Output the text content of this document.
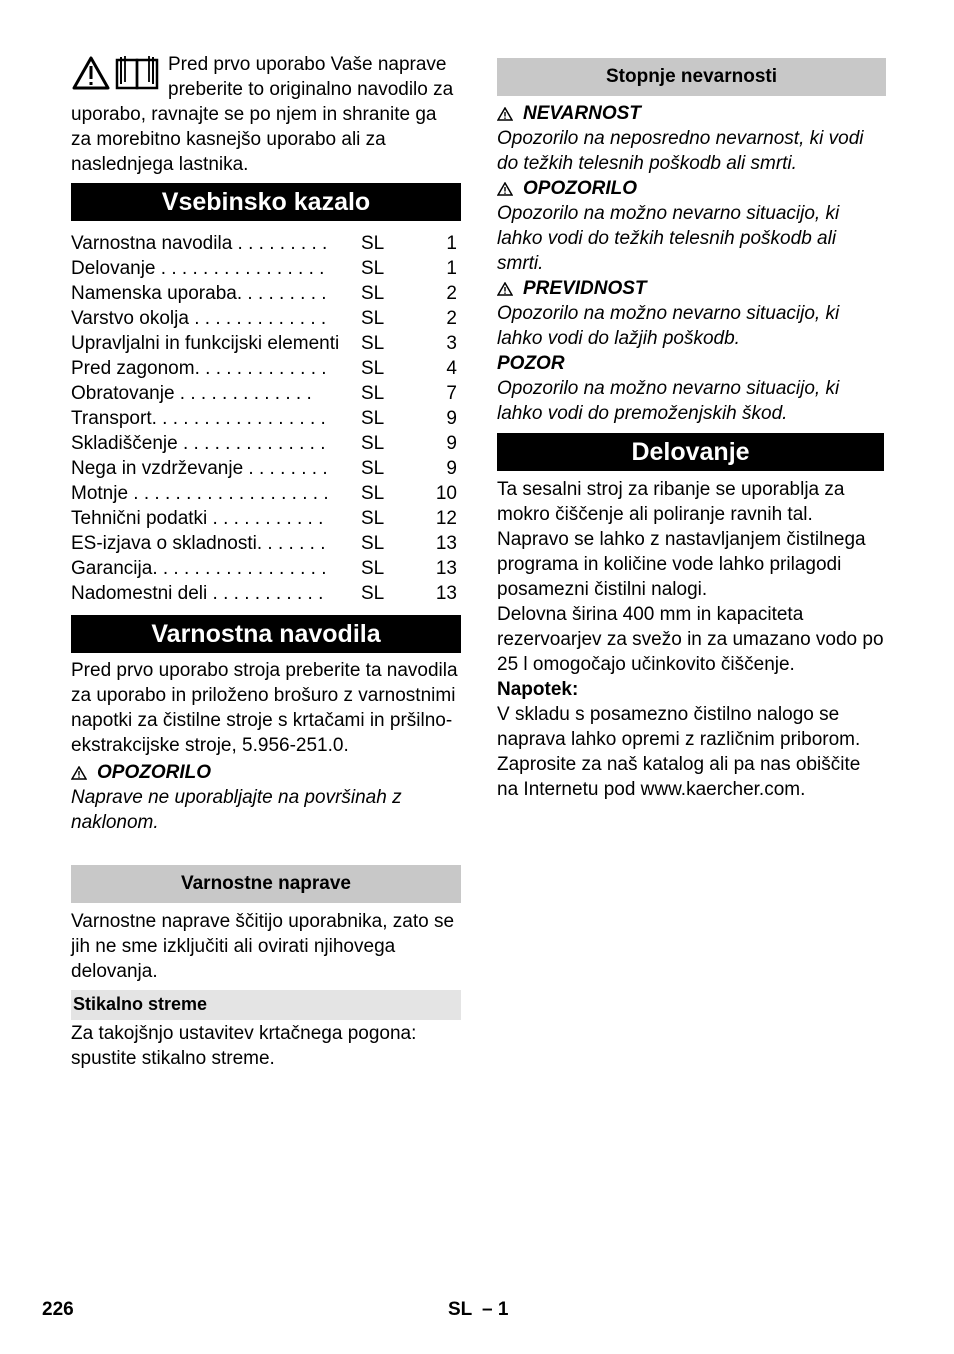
Pred prvo uporabo Vaše naprave preberite to originalno navodilo za uporabo, ravnajte se po njem in shranite ga za morebitno kasnejšo uporabo ali za naslednjega lastnika.

Vsebinsko kazalo
Varnostna navodila . . . . . . . . .	SL	1
Delovanje . . . . . . . . . . . . . . . .	SL	1
Namenska uporaba. . . . . . . . .	SL	2
Varstvo okolja . . . . . . . . . . . . .	SL	2
Upravljalni in funkcijski elementi	SL	3
Pred zagonom. . . . . . . . . . . . .	SL	4
Obratovanje . . . . . . . . . . . . .	SL	7
Transport. . . . . . . . . . . . . . . . .	SL	9
Skladiščenje . . . . . . . . . . . . . .	SL	9
Nega in vzdrževanje . . . . . . . .	SL	9
Motnje . . . . . . . . . . . . . . . . . . .	SL	10
Tehnični podatki . . . . . . . . . . .	SL	12
ES-izjava o skladnosti. . . . . . .	SL	13
Garancija. . . . . . . . . . . . . . . . .	SL	13
Nadomestni deli . . . . . . . . . . .	SL	13
Varnostna navodila

Pred prvo uporabo stroja preberite ta navodila za uporabo in priloženo brošuro z varnostnimi napotki za čistilne stroje s krtačami in pršilno-ekstrakcijske stroje, 5.956-251.0.

OPOZORILO

Naprave ne uporabljajte na površinah z naklonom.

Varnostne naprave
Varnostne naprave ščitijo uporabnika, zato se jih ne sme izključiti ali ovirati njihovega delovanja.
Stikalno streme
Za takojšnjo ustavitev krtačnega pogona: spustite stikalno streme.
Stopnje nevarnosti

NEVARNOST

Opozorilo na neposredno nevarnost, ki vodi do težkih telesnih poškodb ali smrti.

OPOZORILO

Opozorilo na možno nevarno situacijo, ki lahko vodi do težkih telesnih poškodb ali smrti.

PREVIDNOST

Opozorilo na možno nevarno situacijo, ki lahko vodi do lažjih poškodb.

POZOR

Opozorilo na možno nevarno situacijo, ki lahko vodi do premoženjskih škod.

Delovanje

Ta sesalni stroj za ribanje se uporablja za mokro čiščenje ali poliranje ravnih tal.

Napravo se lahko z nastavljanjem čistilnega programa in količine vode lahko prilagodi posamezni čistilni nalogi.

Delovna širina 400 mm in kapaciteta rezervoarjev za svežo in za umazano vodo po 25 l omogočajo učinkovito čiščenje.

Napotek:

V skladu s posamezno čistilno nalogo se naprava lahko opremi z različnim priborom. Zaprosite za naš katalog ali pa nas obiščite na Internetu pod www.kaercher.com.

226	SL – 1
